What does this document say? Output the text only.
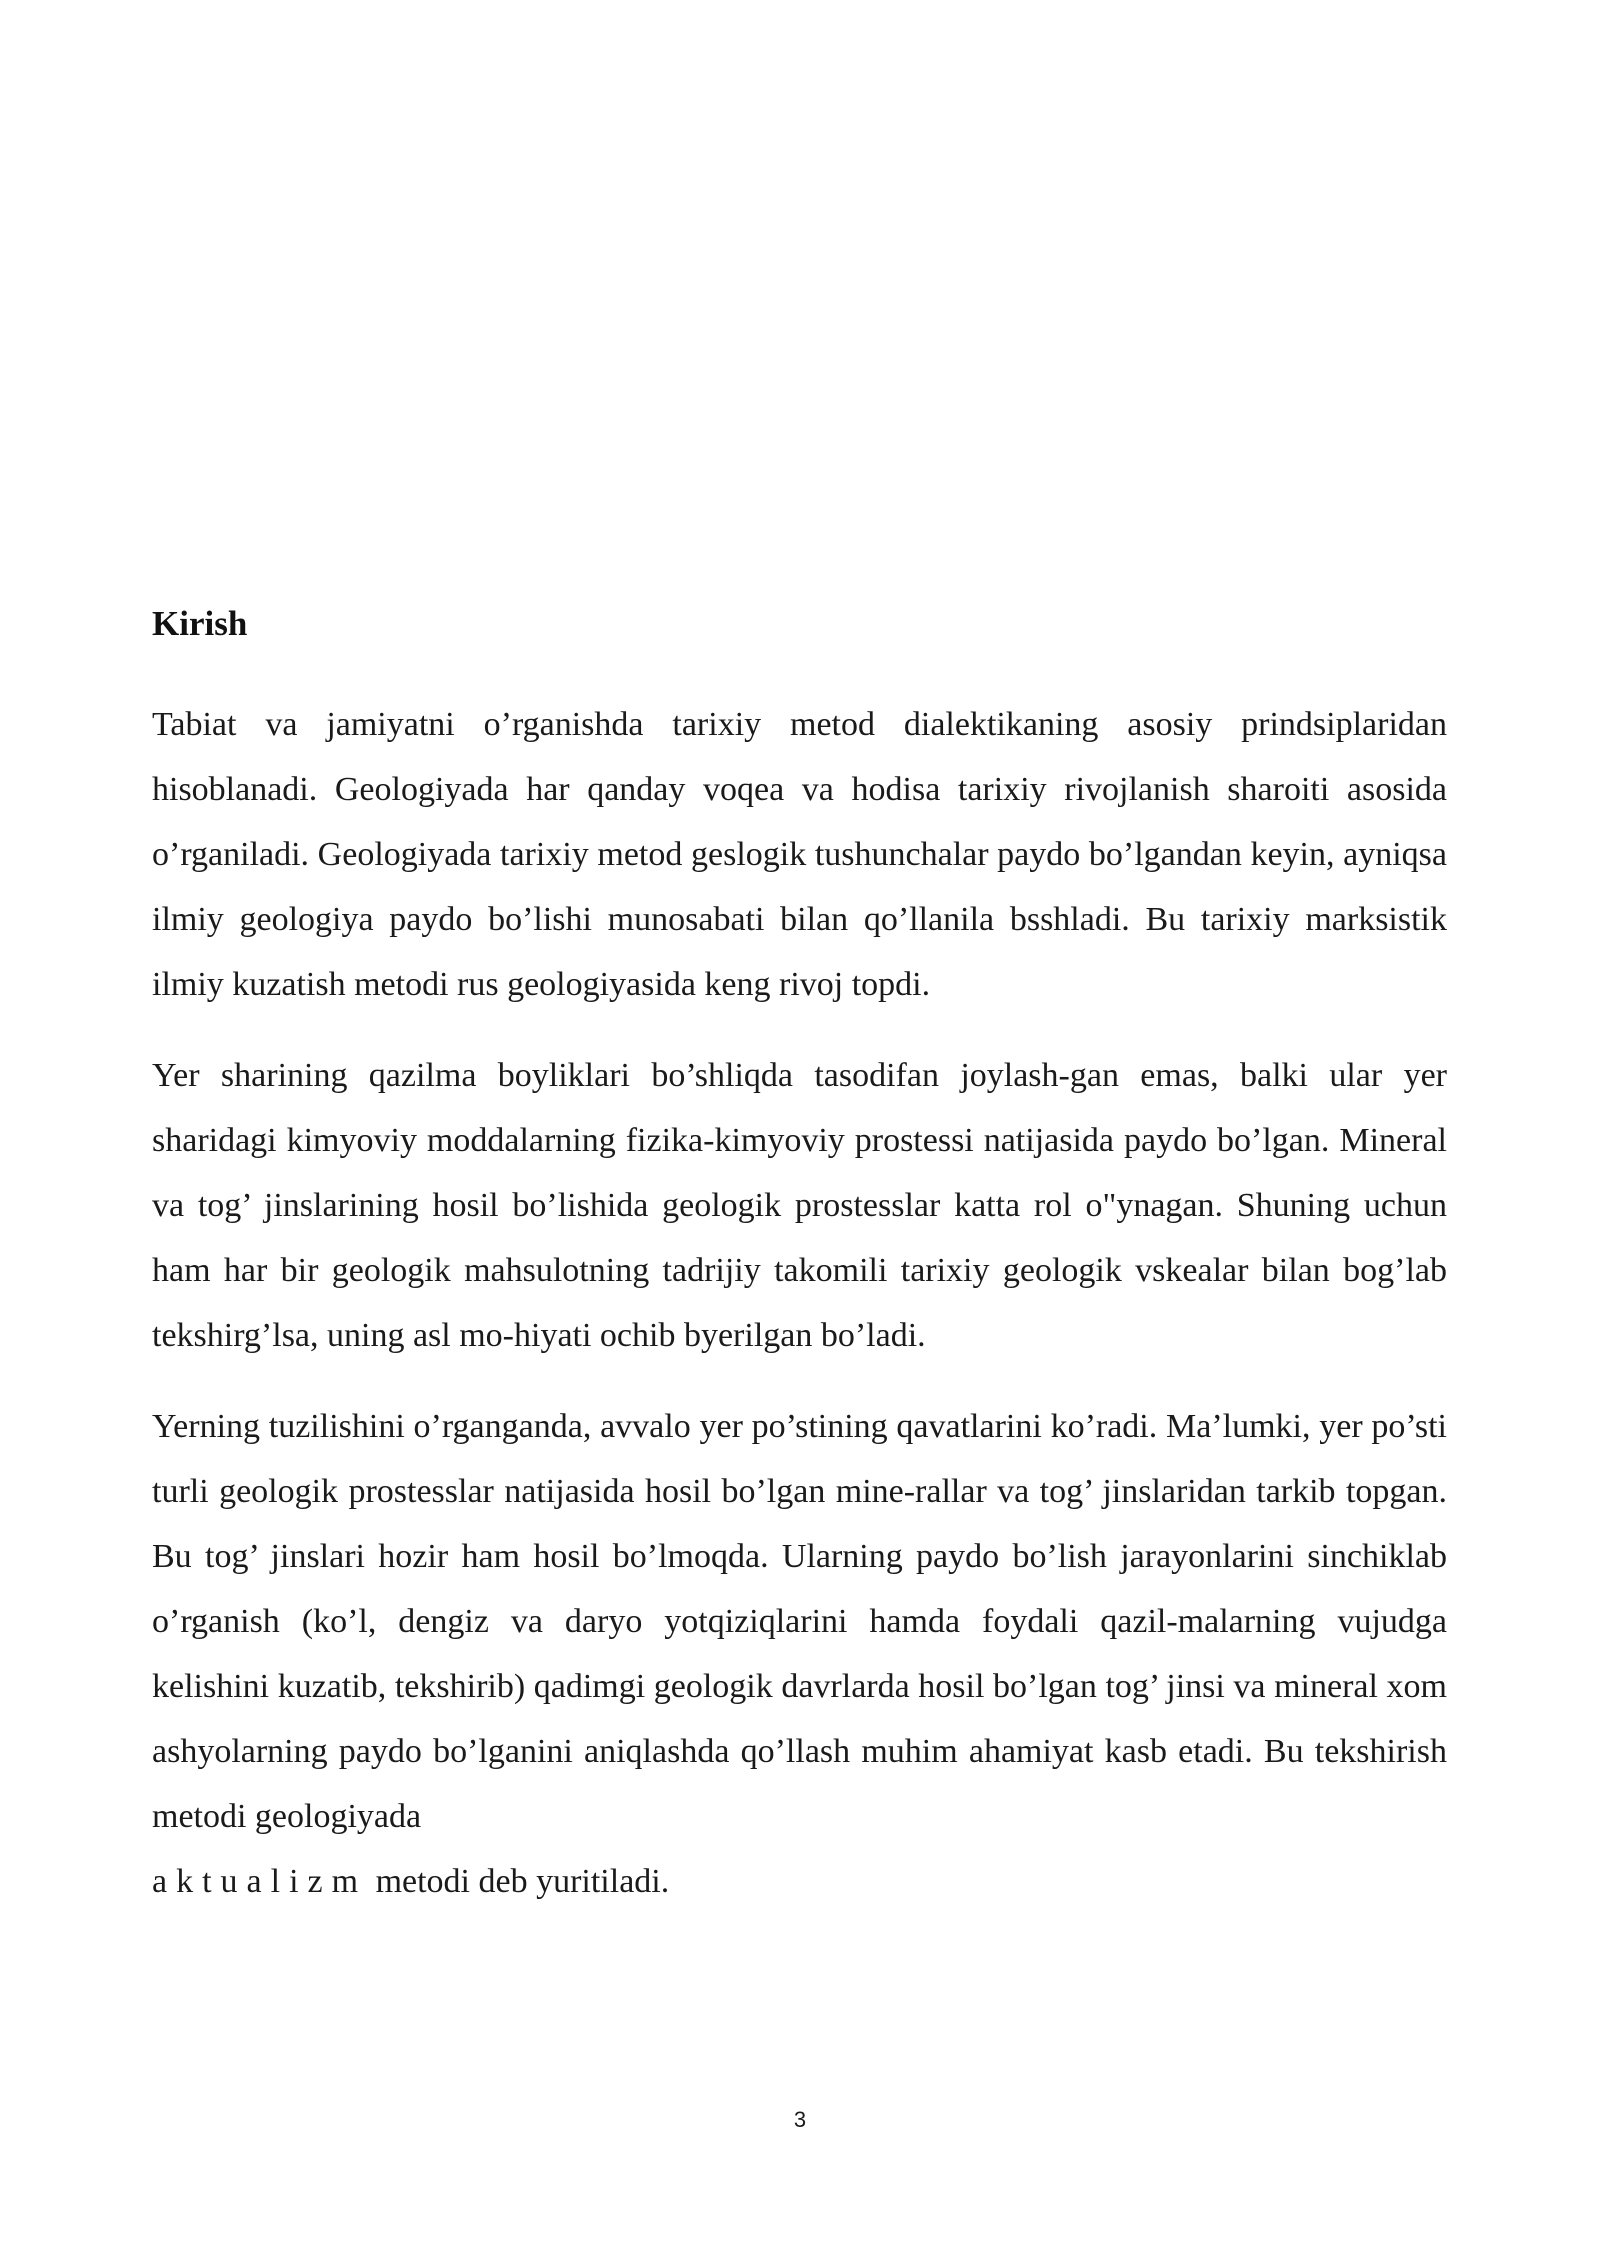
Kirish

Tabiat va jamiyatni o’rganishda tarixiy metod dialektikaning asosiy prindsiplaridan hisoblanadi. Geologiyada har qanday voqea va hodisa tarixiy rivojlanish sharoiti asosida o’rganiladi. Geologiyada tarixiy metod geslogik tushunchalar paydo bo’lgandan keyin, ayniqsa ilmiy geologiya paydo bo’lishi munosabati bilan qo’llanila bsshladi. Bu tarixiy marksistik ilmiy kuzatish metodi rus geologiyasida keng rivoj topdi.

Yer sharining qazilma boyliklari bo’shliqda tasodifan joylash-gan emas, balki ular yer sharidagi kimyoviy moddalarning fizika-kimyoviy prostessi natijasida paydo bo’lgan. Mineral va tog’ jinslarining hosil bo’lishida geologik prostesslar katta rol o"ynagan. Shuning uchun ham har bir geologik mahsulotning tadrijiy takomili tarixiy geologik vskealar bilan bog’lab tekshirg’lsa, uning asl mo-hiyati ochib byerilgan bo’ladi.

Yerning tuzilishini o’rganganda, avvalo yer po’stining qavatlarini ko’radi. Ma’lumki, yer po’sti turli geologik prostesslar natijasida hosil bo’lgan mine-rallar va tog’ jinslaridan tarkib topgan. Bu tog’ jinslari hozir ham hosil bo’lmoqda. Ularning paydo bo’lish jarayonlarini sinchiklab o’rganish (ko’l, dengiz va daryo yotqiziqlarini hamda foydali qazil-malarning vujudga kelishini kuzatib, tekshirib) qadimgi geologik davrlarda hosil bo’lgan tog’ jinsi va mineral xom ashyolarning paydo bo’lganini aniqlashda qo’llash muhim ahamiyat kasb etadi. Bu tekshirish metodi geologiyada
aktualizm metodi deb yuritiladi.

3
